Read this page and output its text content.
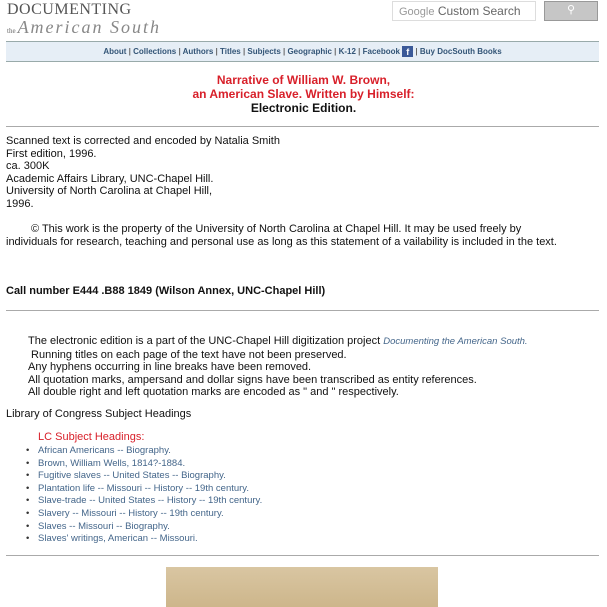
DOCUMENTING
the American South
Google Custom Search	⚲
About | Collections | Authors | Titles | Subjects | Geographic | K-12 | Facebook f | Buy DocSouth Books
Narrative of William W. Brown,
an American Slave. Written by Himself:
Electronic Edition.
Scanned text is corrected and encoded by Natalia Smith
First edition, 1996.
ca. 300K
Academic Affairs Library, UNC-Chapel Hill.
University of North Carolina at Chapel Hill,
1996.
© This work is the property of the University of North Carolina at Chapel Hill. It may be used freely by individuals for research, teaching and personal use as long as this statement of a vailability is included in the text.
Call number E444 .B88 1849 (Wilson Annex, UNC-Chapel Hill)
The electronic edition is a part of the UNC-Chapel Hill digitization project Documenting the American South.
Running titles on each page of the text have not been preserved.
Any hyphens occurring in line breaks have been removed.
All quotation marks, ampersand and dollar signs have been transcribed as entity references.
All double right and left quotation marks are encoded as " and " respectively.
Library of Congress Subject Headings
LC Subject Headings:
• African Americans -- Biography.
• Brown, William Wells, 1814?-1884.
• Fugitive slaves -- United States -- Biography.
• Plantation life -- Missouri -- History -- 19th century.
• Slave-trade -- United States -- History -- 19th century.
• Slavery -- Missouri -- History -- 19th century.
• Slaves -- Missouri -- Biography.
• Slaves' writings, American -- Missouri.
